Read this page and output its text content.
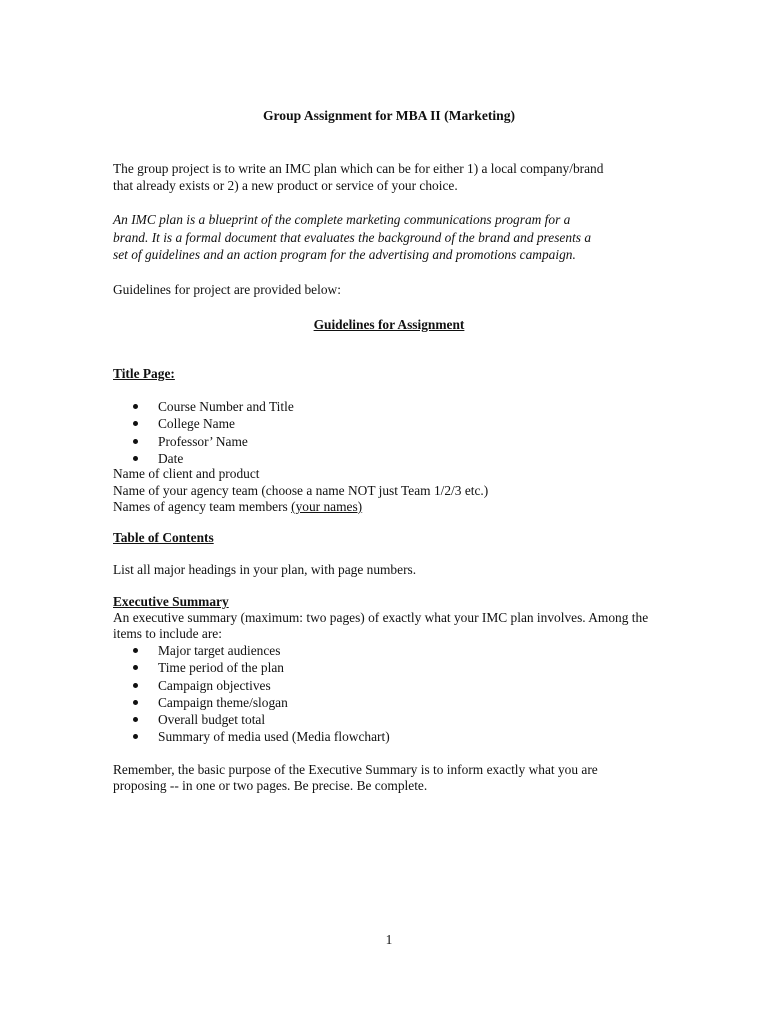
Group Assignment for MBA II (Marketing)

The group project is to write an IMC plan which can be for either 1) a local company/brand

that already exists or 2) a new product or service of your choice.

An IMC plan is a blueprint of the complete marketing communications program for a

brand. It is a formal document that evaluates the background of the brand and presents a

set of guidelines and an action program for the advertising and promotions campaign.

Guidelines for project are provided below:

Guidelines for Assignment

Title Page:

Course Number and Title
College Name
Professor’ Name
Date

Name of client and product

Name of your agency team (choose a name NOT just Team 1/2/3 etc.)

Names of agency team members (your names)

Table of Contents

List all major headings in your plan, with page numbers.

Executive Summary

An executive summary (maximum: two pages) of exactly what your IMC plan involves. Among the

items to include are:

Major target audiences
Time period of the plan
Campaign objectives
Campaign theme/slogan
Overall budget total
Summary of media used (Media flowchart)

Remember, the basic purpose of the Executive Summary is to inform exactly what you are

proposing -- in one or two pages. Be precise. Be complete.

1
